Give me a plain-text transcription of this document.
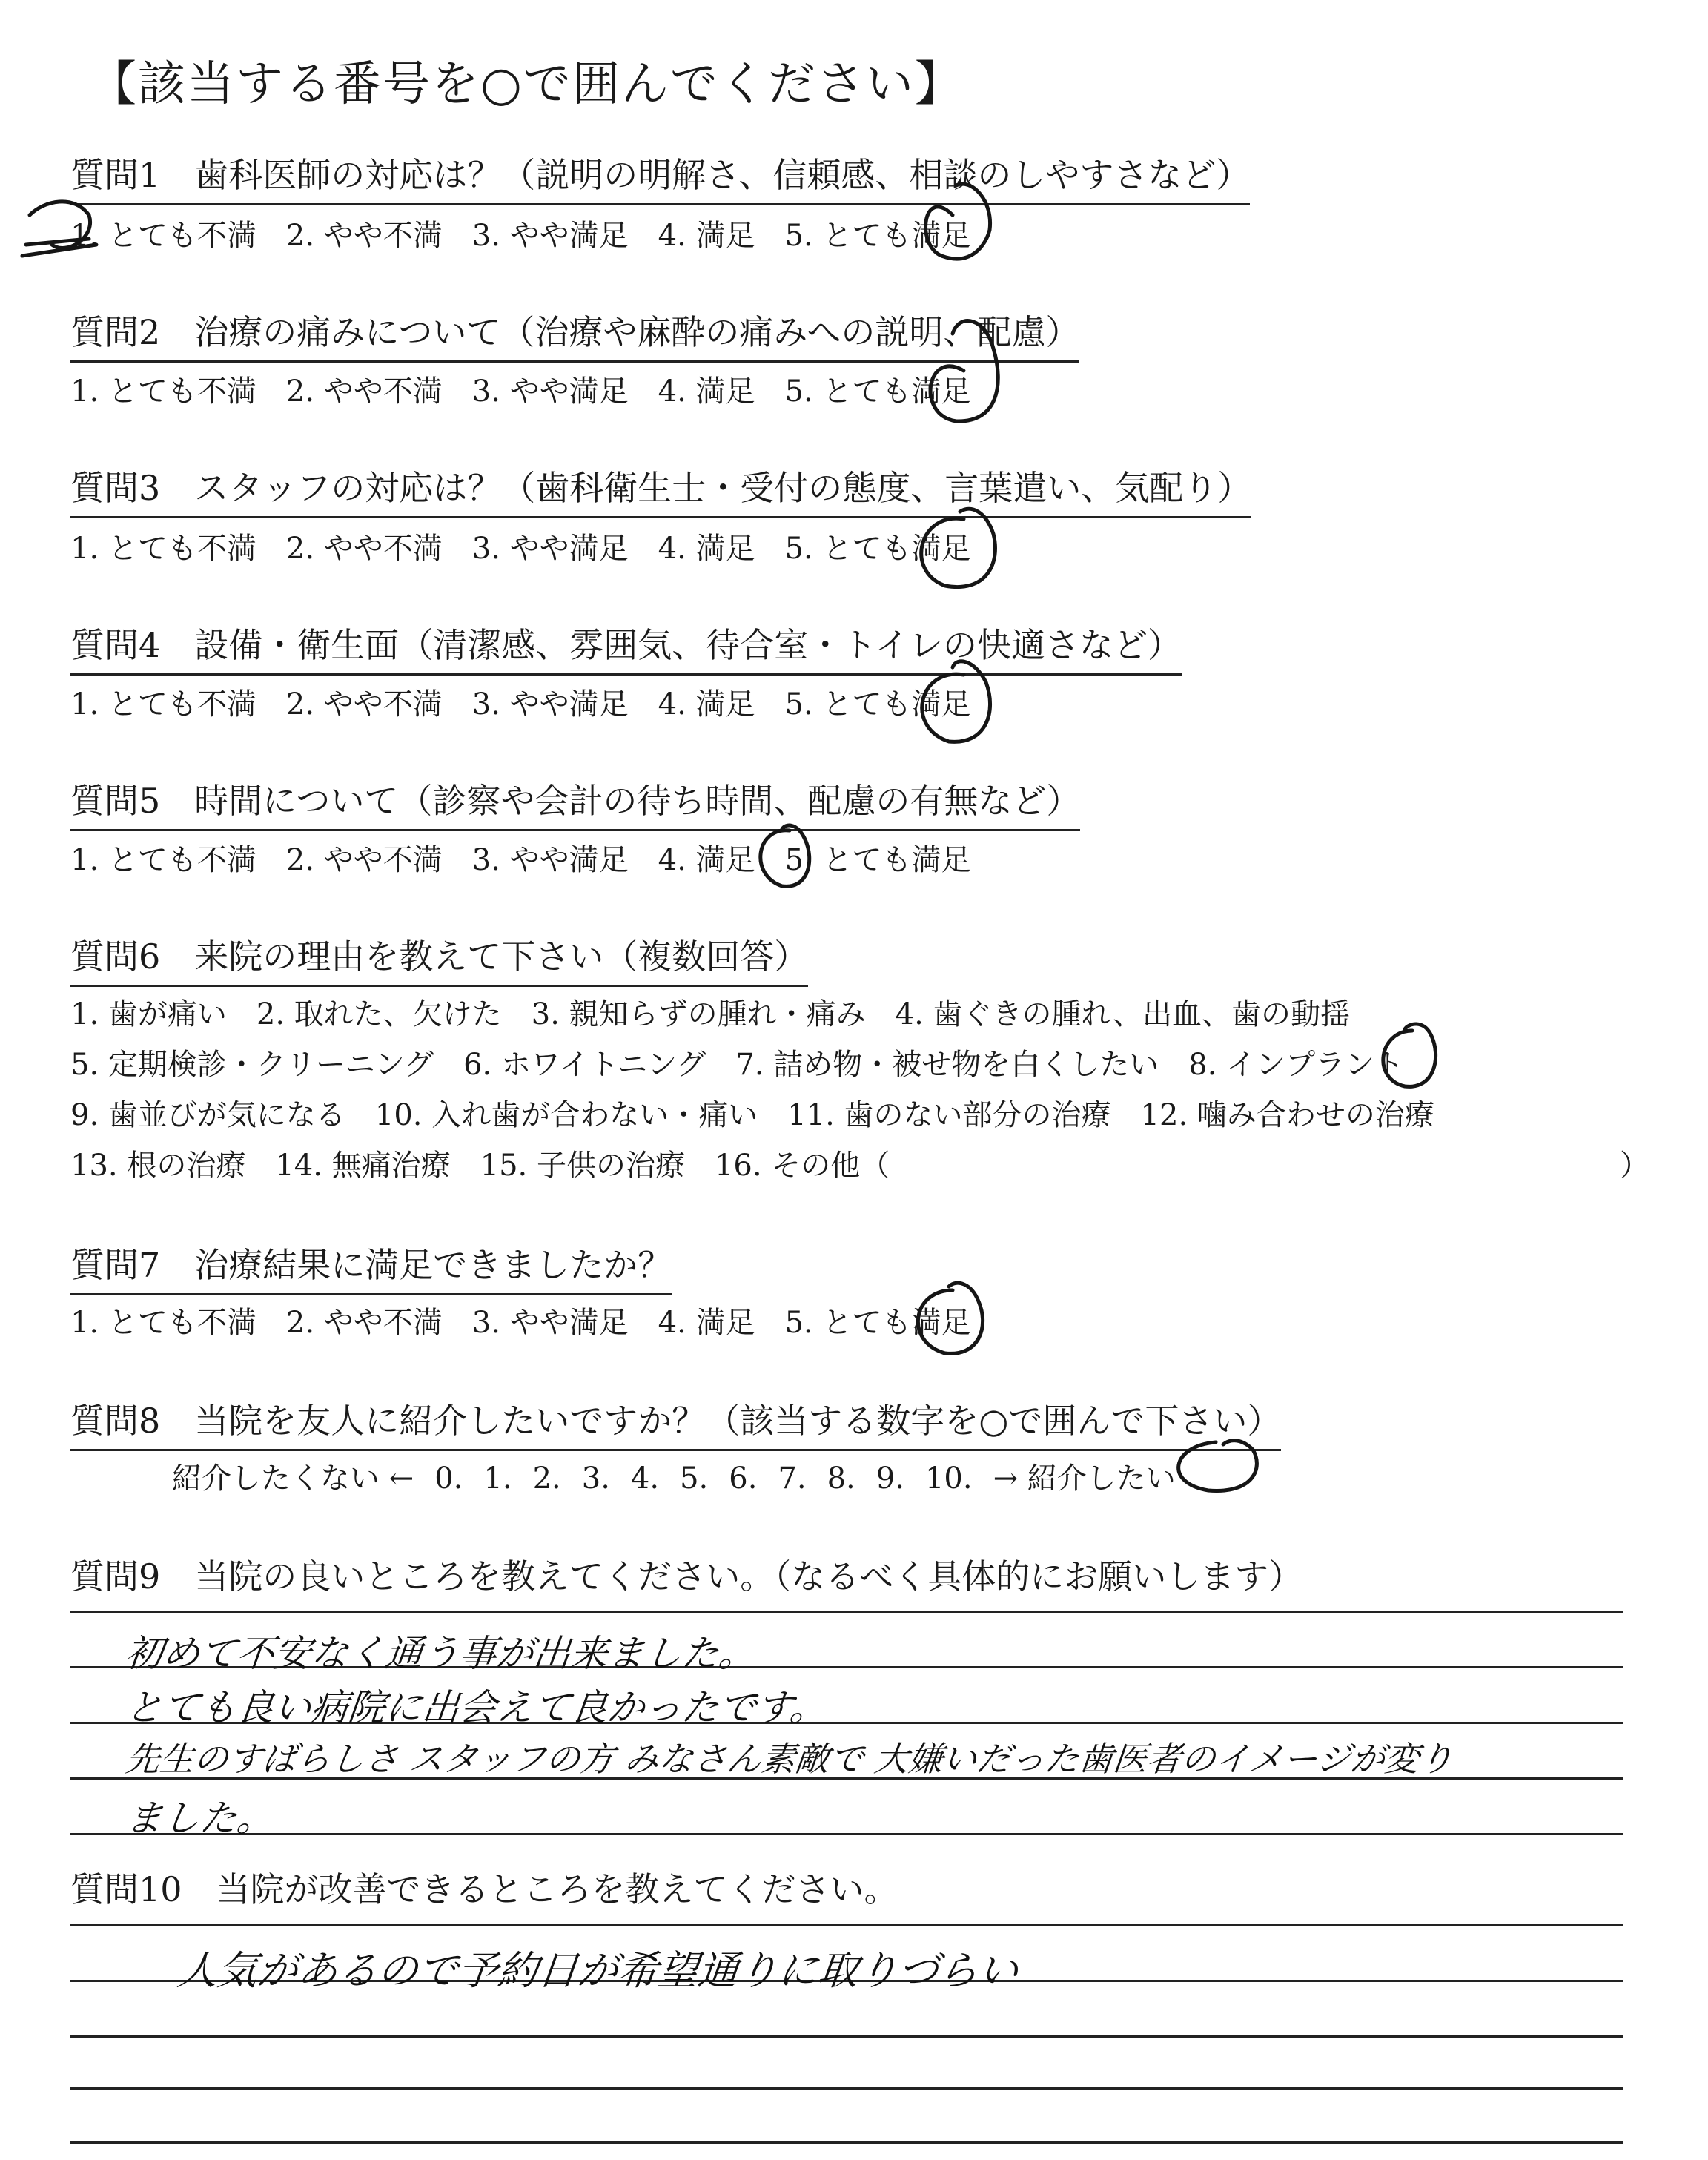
【該当する番号を○で囲んでください】
質問1　歯科医師の対応は？（説明の明解さ、信頼感、相談のしやすさなど）
1. とても不満 2. やや不満 3. やや満足 4. 満足 5. とても満足
質問2　治療の痛みについて（治療や麻酔の痛みへの説明、配慮）
1. とても不満 2. やや不満 3. やや満足 4. 満足 5. とても満足
質問3　スタッフの対応は？（歯科衛生士・受付の態度、言葉遣い、気配り）
1. とても不満 2. やや不満 3. やや満足 4. 満足 5. とても満足
質問4　設備・衛生面（清潔感、雰囲気、待合室・トイレの快適さなど）
1. とても不満 2. やや不満 3. やや満足 4. 満足 5. とても満足
質問5　時間について（診察や会計の待ち時間、配慮の有無など）
1. とても不満 2. やや不満 3. やや満足 4. 満足 5. とても満足
質問6　来院の理由を教えて下さい（複数回答）
1. 歯が痛い 2. 取れた、欠けた 3. 親知らずの腫れ・痛み 4. 歯ぐきの腫れ、出血、歯の動揺
5. 定期検診・クリーニング 6. ホワイトニング 7. 詰め物・被せ物を白くしたい 8. インプラント
9. 歯並びが気になる 10. 入れ歯が合わない・痛い 11. 歯のない部分の治療 12. 噛み合わせの治療
13. 根の治療 14. 無痛治療 15. 子供の治療 16. その他（	）
質問7　治療結果に満足できましたか？
1. とても不満 2. やや不満 3. やや満足 4. 満足 5. とても満足
質問8　当院を友人に紹介したいですか？（該当する数字を○で囲んで下さい）
紹介したくない ← 0. 1. 2. 3. 4. 5. 6. 7. 8. 9. 10. → 紹介したい
質問9　当院の良いところを教えてください。（なるべく具体的にお願いします）
初めて不安なく通う事が出来ました。
とても良い病院に出会えて良かったです。
先生のすばらしさ スタッフの方 みなさん素敵で 大嫌いだった歯医者のイメージが変り
ました。
質問10　当院が改善できるところを教えてください。
人気があるので予約日が希望通りに取りづらい
